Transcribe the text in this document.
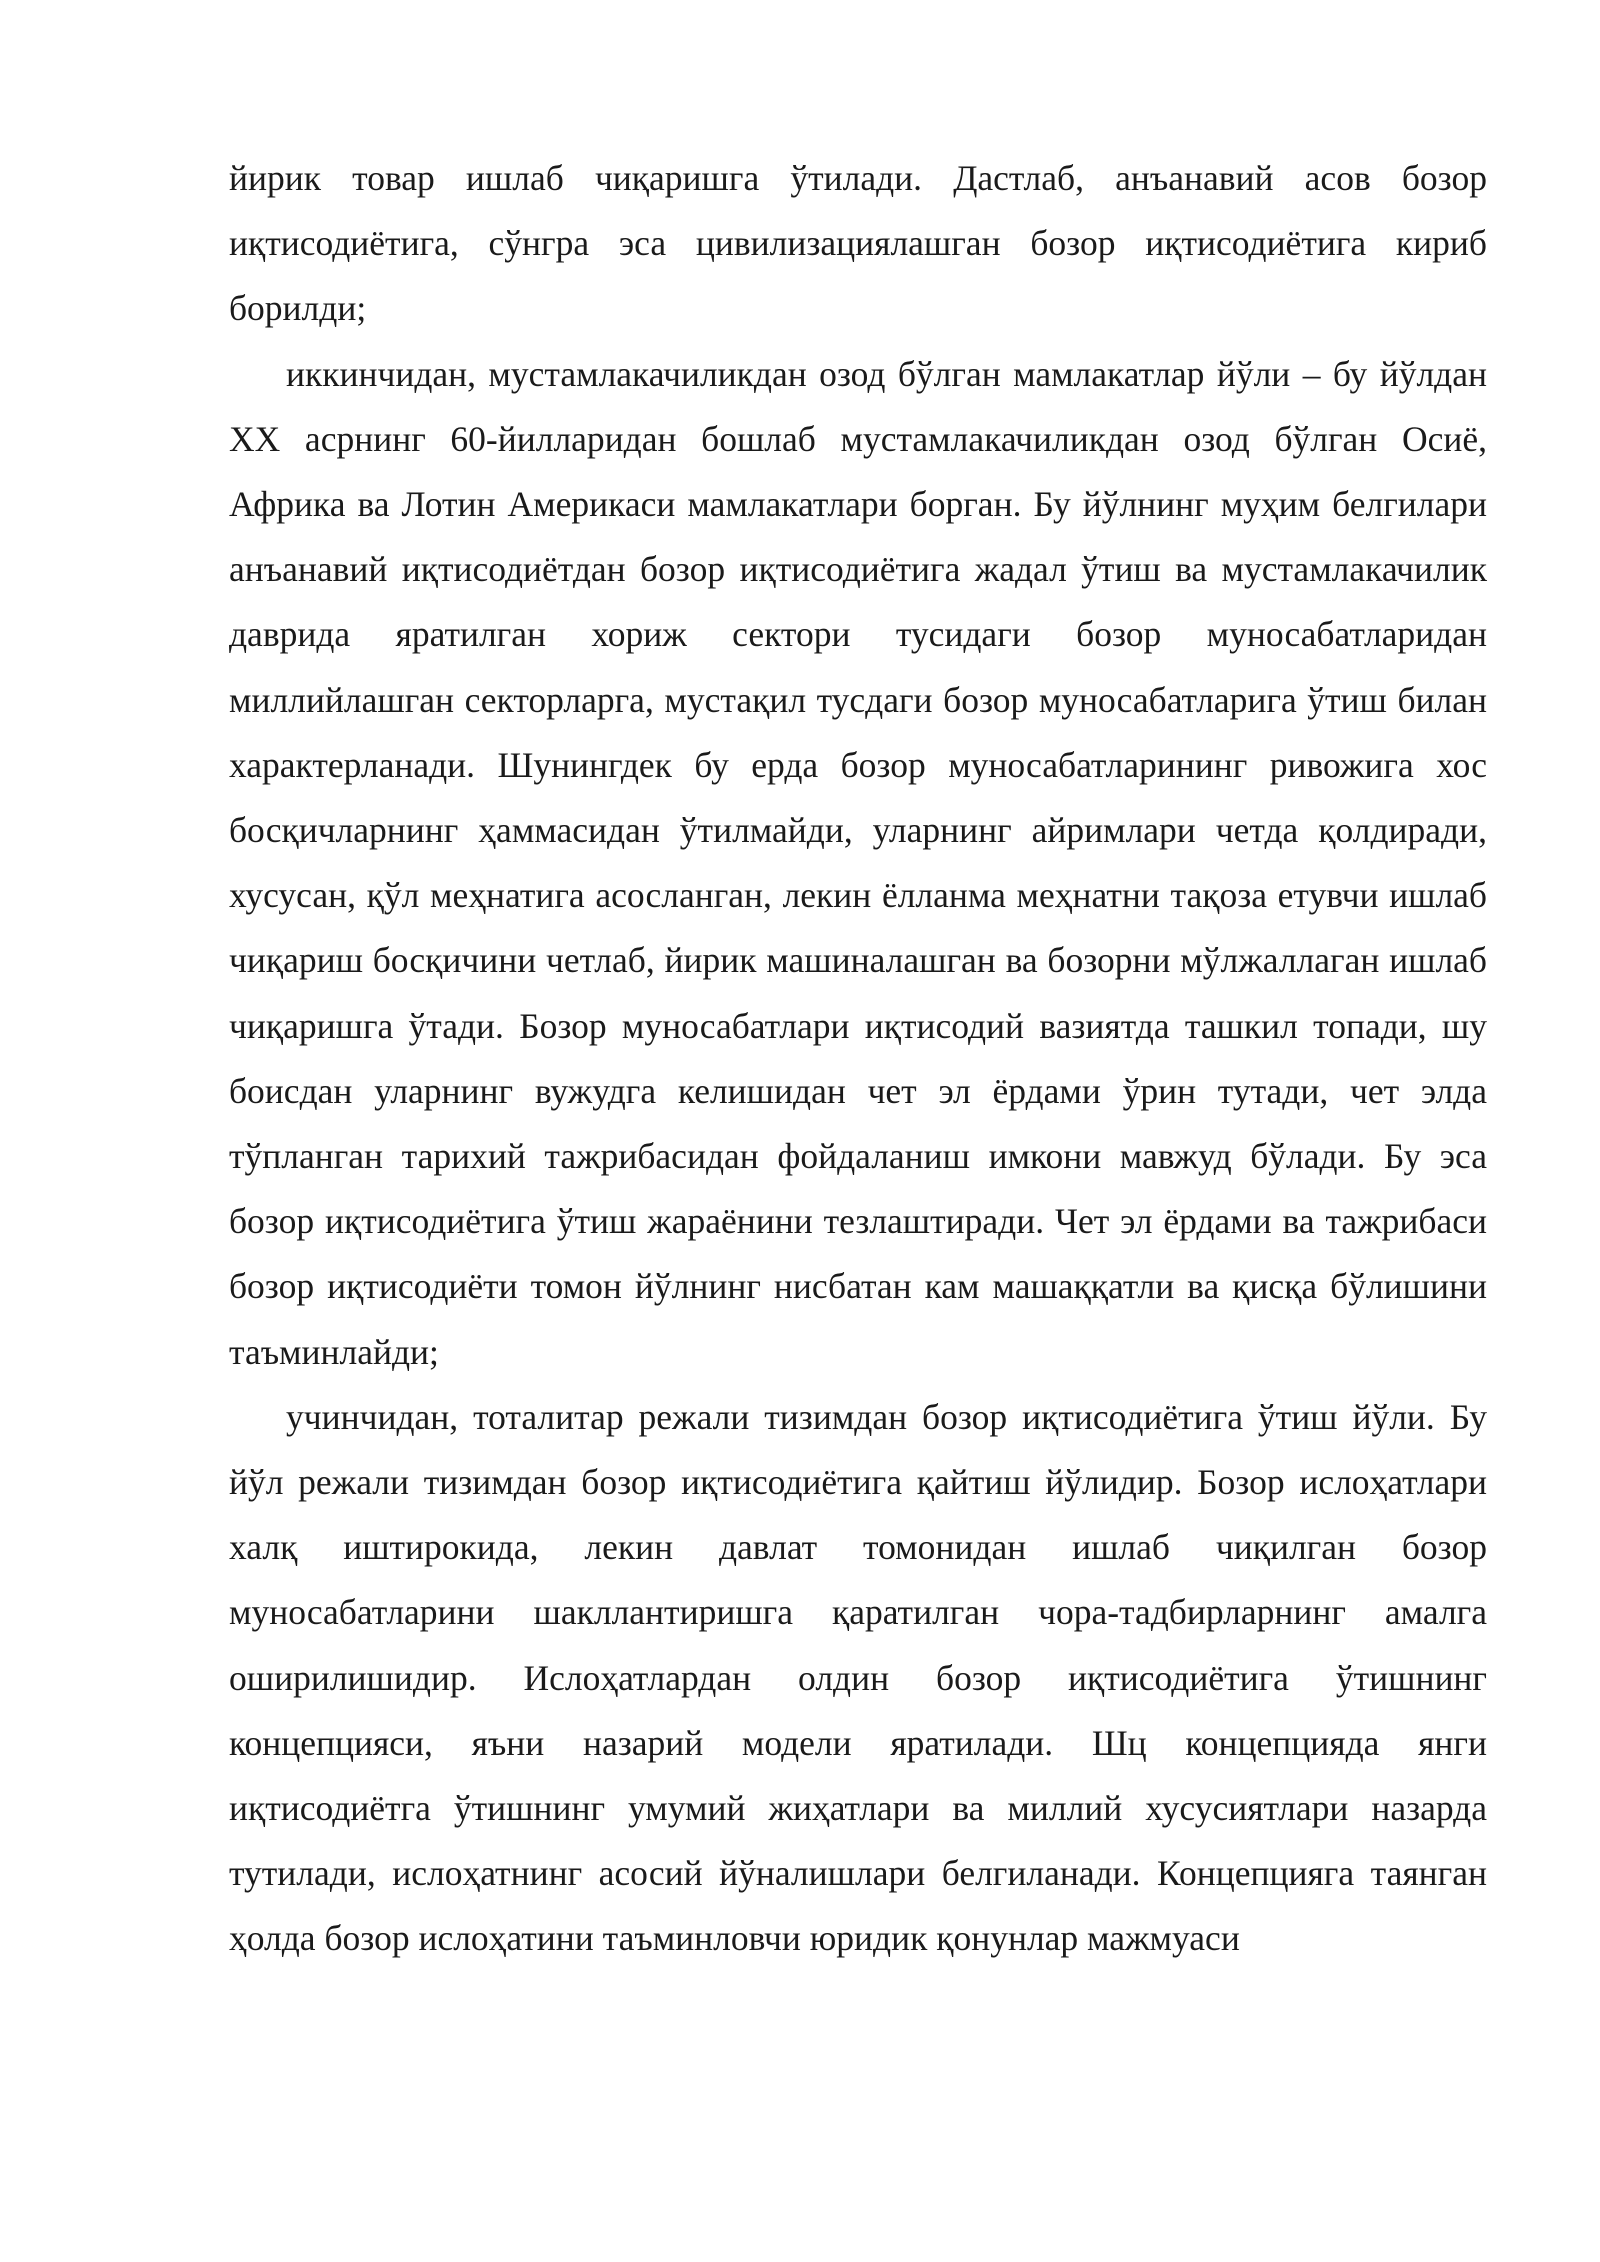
йирик товар ишлаб чиқаришга ўтилади. Дастлаб, анъанавий асов бозор иқтисодиётига, сўнгра эса цивилизациялашган бозор иқтисодиётига кириб борилди;

иккинчидан, мустамлакачиликдан озод бўлган мамлакатлар йўли – бу йўлдан XX асрнинг 60-йилларидан бошлаб мустамлакачиликдан озод бўлган Осиё, Африка ва Лотин Америкаси мамлакатлари борган. Бу йўлнинг муҳим белгилари анъанавий иқтисодиётдан бозор иқтисодиётига жадал ўтиш ва мустамлакачилик даврида яратилган хориж сектори тусидаги бозор муносабатларидан миллийлашган секторларга, мустақил тусдаги бозор муносабатларига ўтиш билан характерланади. Шунингдек бу ерда бозор муносабатларининг ривожига хос босқичларнинг ҳаммасидан ўтилмайди, уларнинг айримлари четда қолдиради, хусусан, қўл меҳнатига асосланган, лекин ёлланма меҳнатни тақоза етувчи ишлаб чиқариш босқичини четлаб, йирик машиналашган ва бозорни мўлжаллаган ишлаб чиқаришга ўтади. Бозор муносабатлари иқтисодий вазиятда ташкил топади, шу боисдан уларнинг вужудга келишидан чет эл ёрдами ўрин тутади, чет элда тўпланган тарихий тажрибасидан фойдаланиш имкони мавжуд бўлади. Бу эса бозор иқтисодиётига ўтиш жараёнини тезлаштиради. Чет эл ёрдами ва тажрибаси бозор иқтисодиёти томон йўлнинг нисбатан кам машаққатли ва қисқа бўлишини таъминлайди;

учинчидан, тоталитар режали тизимдан бозор иқтисодиётига ўтиш йўли. Бу йўл режали тизимдан бозор иқтисодиётига қайтиш йўлидир. Бозор ислоҳатлари халқ иштирокида, лекин давлат томонидан ишлаб чиқилган бозор муносабатларини шакллантиришга қаратилган чора-тадбирларнинг амалга оширилишидир. Ислоҳатлардан олдин бозор иқтисодиётига ўтишнинг концепцияси, яъни назарий модели яратилади. Шц концепцияда янги иқтисодиётга ўтишнинг умумий жиҳатлари ва миллий хусусиятлари назарда тутилади, ислоҳатнинг асосий йўналишлари белгиланади. Концепцияга таянган ҳолда бозор ислоҳатини таъминловчи юридик қонунлар мажмуаси
